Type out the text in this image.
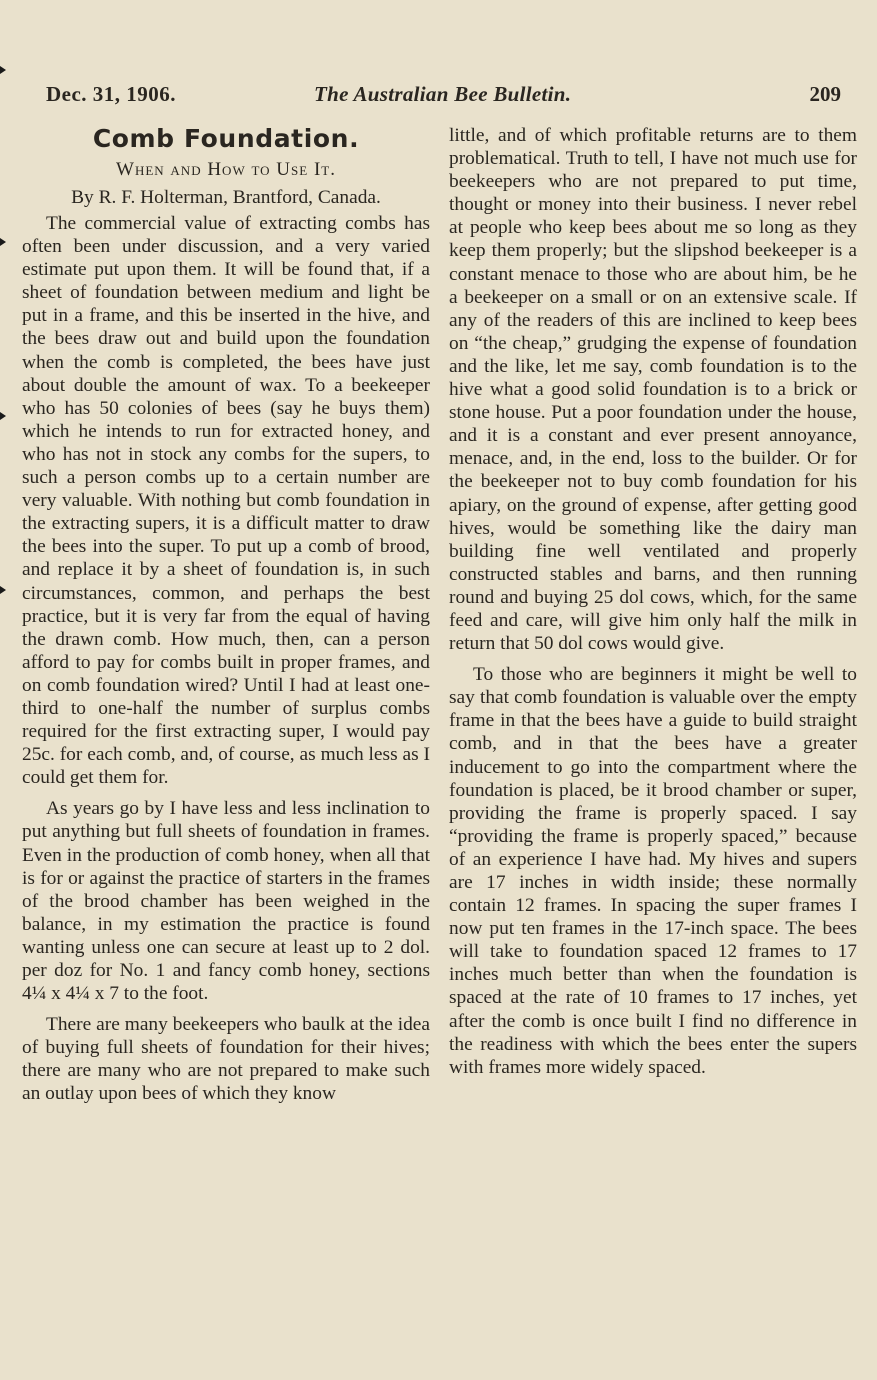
Dec. 31, 1906.	The Australian Bee Bulletin.	209
Comb Foundation.
When and How to Use It.
By R. F. Holterman, Brantford, Canada.

The commercial value of extracting combs has often been under discussion, and a very varied estimate put upon them. It will be found that, if a sheet of foundation between medium and light be put in a frame, and this be inserted in the hive, and the bees draw out and build upon the foundation when the comb is completed, the bees have just about double the amount of wax. To a beekeeper who has 50 colonies of bees (say he buys them) which he intends to run for extracted honey, and who has not in stock any combs for the supers, to such a person combs up to a certain number are very valuable. With nothing but comb foundation in the extracting supers, it is a difficult matter to draw the bees into the super. To put up a comb of brood, and replace it by a sheet of foundation is, in such circumstances, common, and perhaps the best practice, but it is very far from the equal of having the drawn comb. How much, then, can a person afford to pay for combs built in proper frames, and on comb foundation wired? Until I had at least one-third to one-half the number of surplus combs required for the first extracting super, I would pay 25c. for each comb, and, of course, as much less as I could get them for.

As years go by I have less and less inclination to put anything but full sheets of foundation in frames. Even in the production of comb honey, when all that is for or against the practice of starters in the frames of the brood chamber has been weighed in the balance, in my estimation the practice is found wanting unless one can secure at least up to 2 dol. per doz for No. 1 and fancy comb honey, sections 4¼ x 4¼ x 7 to the foot.

There are many beekeepers who baulk at the idea of buying full sheets of foundation for their hives; there are many who are not prepared to make such an outlay upon bees of which they know

little, and of which profitable returns are to them problematical. Truth to tell, I have not much use for beekeepers who are not prepared to put time, thought or money into their business. I never rebel at people who keep bees about me so long as they keep them properly; but the slipshod beekeeper is a constant menace to those who are about him, be he a beekeeper on a small or on an extensive scale. If any of the readers of this are inclined to keep bees on “the cheap,” grudging the expense of foundation and the like, let me say, comb foundation is to the hive what a good solid foundation is to a brick or stone house. Put a poor foundation under the house, and it is a constant and ever present annoyance, menace, and, in the end, loss to the builder. Or for the beekeeper not to buy comb foundation for his apiary, on the ground of expense, after getting good hives, would be something like the dairy man building fine well ventilated and properly constructed stables and barns, and then running round and buying 25 dol cows, which, for the same feed and care, will give him only half the milk in return that 50 dol cows would give.

To those who are beginners it might be well to say that comb foundation is valuable over the empty frame in that the bees have a guide to build straight comb, and in that the bees have a greater inducement to go into the compartment where the foundation is placed, be it brood chamber or super, providing the frame is properly spaced. I say “providing the frame is properly spaced,” because of an experience I have had. My hives and supers are 17 inches in width inside; these normally contain 12 frames. In spacing the super frames I now put ten frames in the 17-inch space. The bees will take to foundation spaced 12 frames to 17 inches much better than when the foundation is spaced at the rate of 10 frames to 17 inches, yet after the comb is once built I find no difference in the readiness with which the bees enter the supers with frames more widely spaced.
